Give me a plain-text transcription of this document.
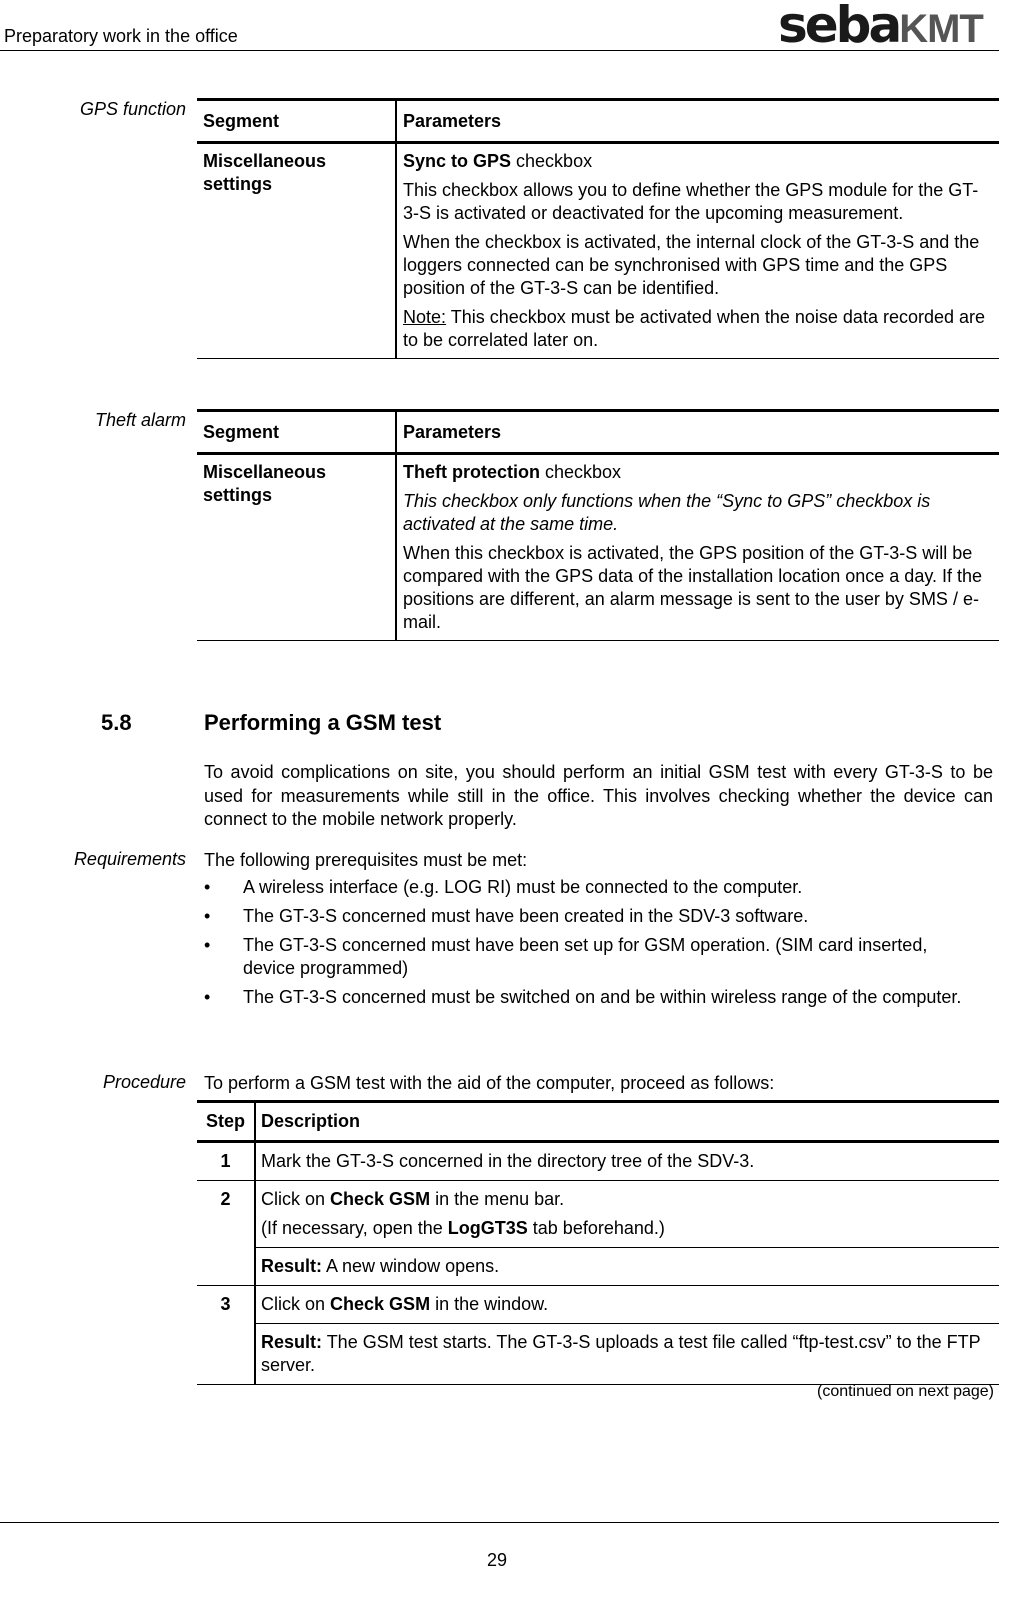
Preparatory work in the office	sebaKMT
GPS function
Segment	Parameters
Miscellaneous settings	Sync to GPS checkbox

This checkbox allows you to define whether the GPS module for the GT-3-S is activated or deactivated for the upcoming measurement.

When the checkbox is activated, the internal clock of the GT-3-S and the loggers connected can be synchronised with GPS time and the GPS position of the GT-3-S can be identified.

Note: This checkbox must be activated when the noise data recorded are to be correlated later on.

Theft alarm
Segment	Parameters
Miscellaneous settings	Theft protection checkbox

This checkbox only functions when the “Sync to GPS” checkbox is activated at the same time.

When this checkbox is activated, the GPS position of the GT-3-S will be compared with the GPS data of the installation location once a day. If the positions are different, an alarm message is sent to the user by SMS / e-mail.

5.8	Performing a GSM test
To avoid complications on site, you should perform an initial GSM test with every GT-3-S to be used for measurements while still in the office. This involves checking whether the device can connect to the mobile network properly.
Requirements The following prerequisites must be met:
• A wireless interface (e.g. LOG RI) must be connected to the computer.
• The GT-3-S concerned must have been created in the SDV-3 software.
• The GT-3-S concerned must have been set up for GSM operation. (SIM card inserted, device programmed)
• The GT-3-S concerned must be switched on and be within wireless range of the computer.
Procedure To perform a GSM test with the aid of the computer, proceed as follows:
Step	Description
1	Mark the GT-3-S concerned in the directory tree of the SDV-3.
2	Click on Check GSM in the menu bar.
(If necessary, open the LogGT3S tab beforehand.)

	Result: A new window opens.
3	Click on Check GSM in the window.
	Result: The GSM test starts. The GT-3-S uploads a test file called “ftp-test.csv” to the FTP server.
(continued on next page)
29
